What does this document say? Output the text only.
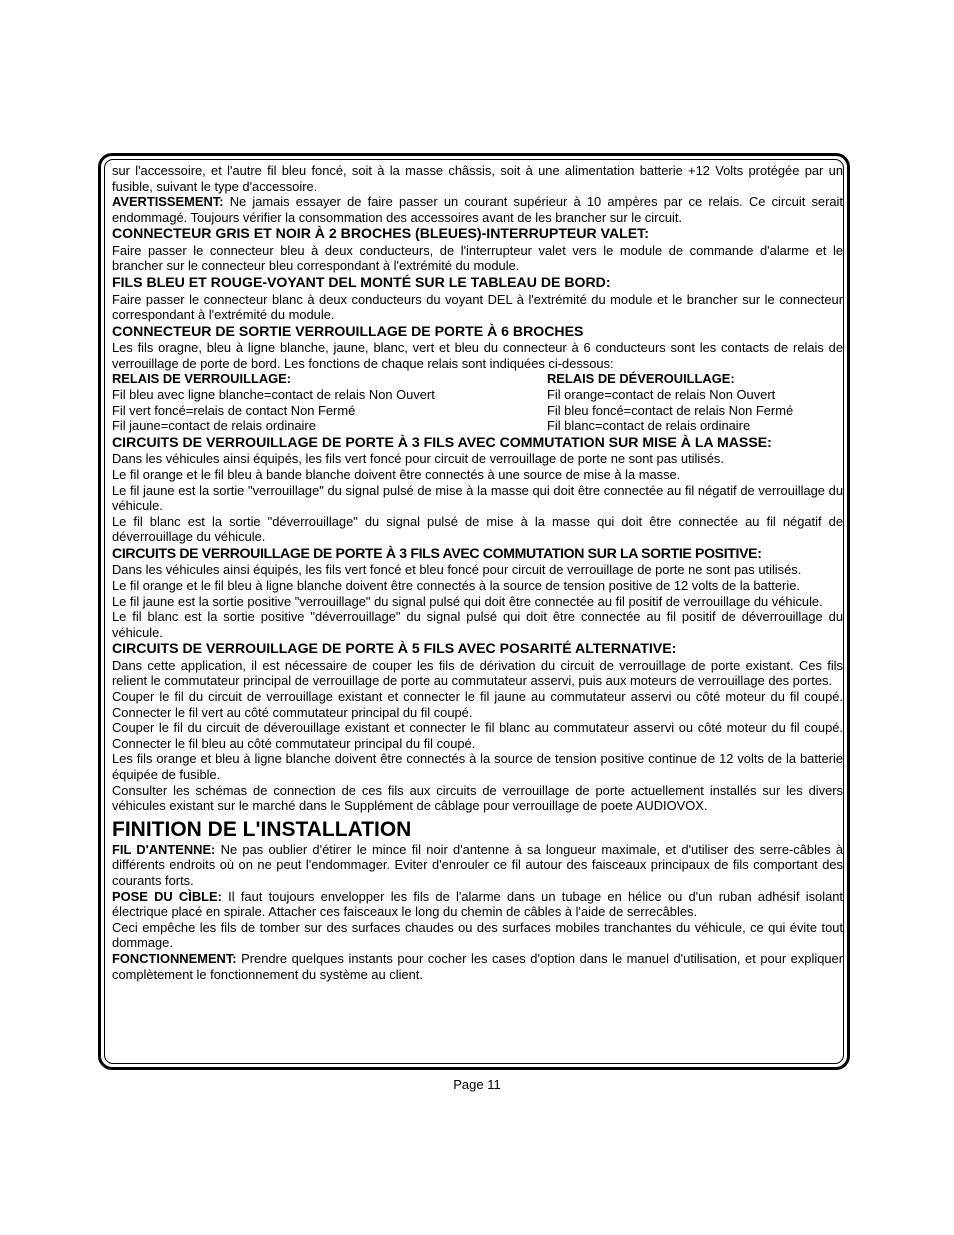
sur l'accessoire, et l'autre fil bleu foncé, soit à la masse châssis, soit à une alimentation batterie +12 Volts protégée par un fusible, suivant le type d'accessoire.

AVERTISSEMENT: Ne jamais essayer de faire passer un courant supérieur à 10 ampères par ce relais. Ce circuit serait endommagé. Toujours vérifier la consommation des accessoires avant de les brancher sur le circuit.

CONNECTEUR GRIS ET NOIR À 2 BROCHES (BLEUES)-INTERRUPTEUR VALET:

Faire passer le connecteur bleu à deux conducteurs, de l'interrupteur valet vers le module de commande d'alarme et le brancher sur le connecteur bleu correspondant à l'extrémité du module.

FILS BLEU ET ROUGE-VOYANT DEL MONTÉ SUR LE TABLEAU DE BORD:

Faire passer le connecteur blanc à deux conducteurs du voyant DEL à l'extrémité du module et le brancher sur le connecteur correspondant à l'extrémité du module.

CONNECTEUR DE SORTIE VERROUILLAGE DE PORTE À 6 BROCHES

Les fils oragne, bleu à ligne blanche, jaune, blanc, vert et bleu du connecteur à 6 conducteurs sont les contacts de relais de verrouillage de porte de bord. Les fonctions de chaque relais sont indiquées ci-dessous:

RELAIS DE VERROUILLAGE:

Fil bleu avec ligne blanche=contact de relais Non Ouvert

Fil vert foncé=relais de contact Non Fermé

Fil jaune=contact de relais ordinaire

RELAIS DE DÉVEROUILLAGE:

Fil orange=contact de relais Non Ouvert

Fil bleu foncé=contact de relais Non Fermé

Fil blanc=contact de relais ordinaire

CIRCUITS DE VERROUILLAGE DE PORTE À 3 FILS AVEC COMMUTATION SUR MISE À LA MASSE:

Dans les véhicules ainsi équipés, les fils vert foncé pour circuit de verrouillage de porte ne sont pas utilisés.

Le fil orange et le fil bleu à bande blanche doivent être connectés à une source de mise à la masse.

Le fil jaune est la sortie "verrouillage" du signal pulsé de mise à la masse qui doit être connectée au fil négatif de verrouillage du véhicule.

Le fil blanc est la sortie "déverrouillage" du signal pulsé de mise à la masse qui doit être connectée au fil négatif de déverrouillage du véhicule.

CIRCUITS DE VERROUILLAGE DE PORTE À 3 FILS AVEC COMMUTATION SUR LA SORTIE POSITIVE:

Dans les véhicules ainsi équipés, les fils vert foncé et bleu foncé pour circuit de verrouillage de porte ne sont pas utilisés.

Le fil orange et le fil bleu à ligne blanche doivent être connectés à la source de tension positive de 12 volts de la batterie.

Le fil jaune est la sortie positive "verrouillage" du signal pulsé qui doit être connectée au fil positif de verrouillage du véhicule.

Le fil blanc est la sortie positive "déverrouillage" du signal pulsé qui doit être connectée au fil positif de déverrouillage du véhicule.

CIRCUITS DE VERROUILLAGE DE PORTE À 5 FILS AVEC POSARITÉ ALTERNATIVE:

Dans cette application, il est nécessaire de couper les fils de dérivation du circuit de verrouillage de porte existant. Ces fils relient le commutateur principal de verrouillage de porte au commutateur asservi, puis aux moteurs de verrouillage des portes.

Couper le fil du circuit de verrouillage existant et connecter le fil jaune au commutateur asservi ou côté moteur du fil coupé. Connecter le fil vert au côté commutateur principal du fil coupé.

Couper le fil du circuit de déverouillage existant et connecter le fil blanc au commutateur asservi ou côté moteur du fil coupé. Connecter le fil bleu au côté commutateur principal du fil coupé.

Les fils orange et bleu à ligne blanche doivent être connectés à la source de tension positive continue de 12 volts de la batterie équipée de fusible.

Consulter les schémas de connection de ces fils aux circuits de verrouillage de porte actuellement installés sur les divers véhicules existant sur le marché dans le Supplément de câblage pour verrouillage de poete AUDIOVOX.

FINITION DE L'INSTALLATION

FIL D'ANTENNE: Ne pas oublier d'étirer le mince fil noir d'antenne à sa longueur maximale, et d'utiliser des serre-câbles à différents endroits où on ne peut l'endommager. Eviter d'enrouler ce fil autour des faisceaux principaux de fils comportant des courants forts.

POSE DU CÌBLE: Il faut toujours envelopper les fils de l'alarme dans un tubage en hélice ou d'un ruban adhésif isolant électrique placé en spirale. Attacher ces faisceaux le long du chemin de câbles à l'aide de serrecâbles.

Ceci empêche les fils de tomber sur des surfaces chaudes ou des surfaces mobiles tranchantes du véhicule, ce qui évite tout dommage.

FONCTIONNEMENT: Prendre quelques instants pour cocher les cases d'option dans le manuel d'utilisation, et pour expliquer complètement le fonctionnement du système au client.

Page 11
